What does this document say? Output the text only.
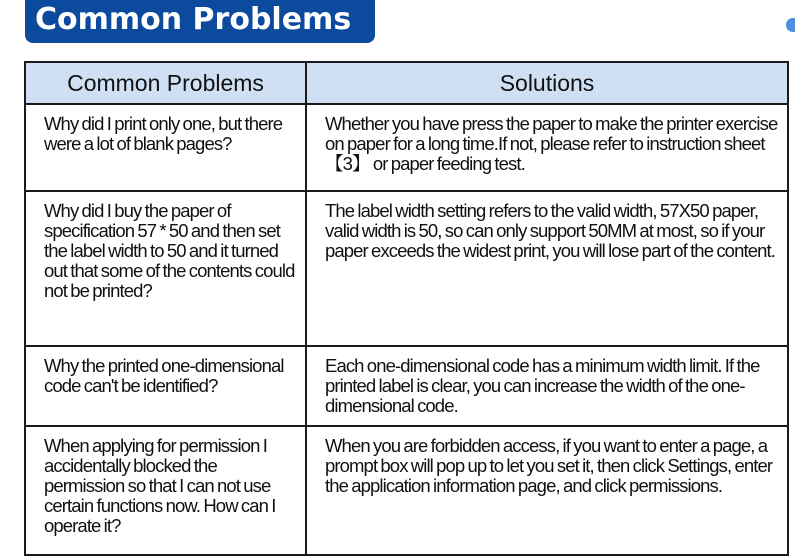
Common Problems
Common Problems	Solutions
Why did I print only one, but there were a lot of blank pages?	Whether you have press the paper to make the printer exercise on paper for a long time.If not, please refer to instruction sheet【3】 or paper feeding test.
Why did I buy the paper of specification 57 * 50 and then set the label width to 50 and it turned out that some of the contents could not be printed?	The label width setting refers to the valid width, 57X50 paper, valid width is 50, so can only support 50MM at most, so if your paper exceeds the widest print, you will lose part of the content.
Why the printed one-dimensional code can't be identified?	Each one-dimensional code has a minimum width limit. If the printed label is clear, you can increase the width of the one-dimensional code.
When applying for permission I accidentally blocked the permission so that I can not use certain functions now. How can I operate it?	When you are forbidden access, if you want to enter a page, a prompt box will pop up to let you set it, then click Settings, enter the application information page, and click permissions.
